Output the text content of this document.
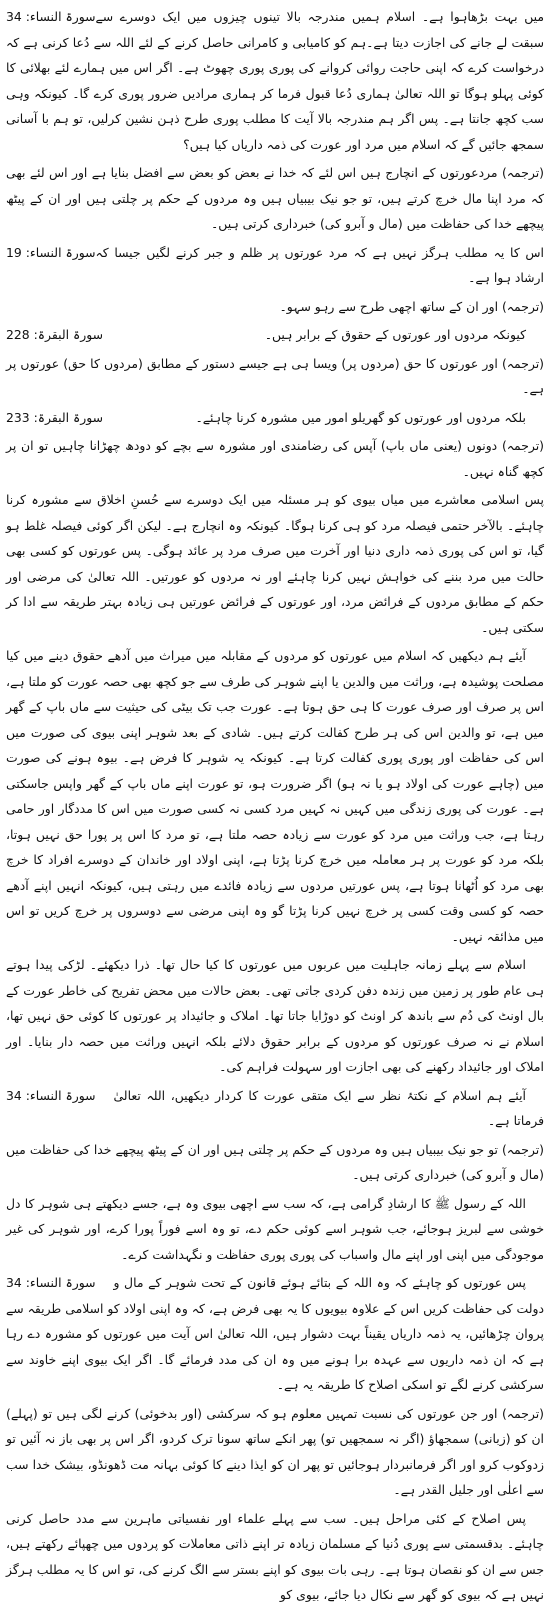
سورۃ النساء: 34 میں بہت بڑھاہوا ہے۔ اسلام ہمیں مندرجہ بالا تینوں چیزوں میں ایک دوسرے سے سبقت لے جانے کی اجازت دیتا ہے۔ہم کو کامیابی و کامرانی حاصل کرنے کے لئے اللہ سے دُعا کرنی ہے کہ درخواست کرے کہ اپنی حاجت روائی کروانے کی پوری پوری چھوٹ ہے۔ اگر اس میں ہمارے لئے بھلائی کا کوئی پہلو ہوگا تو اللہ تعالیٰ ہماری دُعا قبول فرما کر ہماری مرادیں ضرور پوری کرے گا۔ کیونکہ وہی سب کچھ جانتا ہے۔ پس اگر ہم مندرجہ بالا آیت کا مطلب پوری طرح ذہن نشین کرلیں، تو ہم با آسانی سمجھ جائیں گے کہ اسلام میں مرد اور عورت کی ذمہ داریاں کیا ہیں؟

(ترجمہ) مردعورتوں کے انچارج ہیں اس لئے کہ خدا نے بعض کو بعض سے افضل بنایا ہے اور اس لئے بھی کہ مرد اپنا مال خرچ کرتے ہیں، تو جو نیک بیبیاں ہیں وہ مردوں کے حکم پر چلتی ہیں اور ان کے پیٹھ پیچھے خدا کی حفاظت میں (مال و آبرو کی) خبرداری کرتی ہیں۔

سورۃ النساء: 19 اس کا یہ مطلب ہرگز نہیں ہے کہ مرد عورتوں پر ظلم و جبر کرنے لگیں جیسا کہ ارشاد ہوا ہے۔

(ترجمہ) اور ان کے ساتھ اچھی طرح سے رہو سہو۔

سورۃ البقرۃ: 228	کیونکہ مردوں اور عورتوں کے حقوق کے برابر ہیں۔

(ترجمہ) اور عورتوں کا حق (مردوں پر) ویسا ہی ہے جیسے دستور کے مطابق (مردوں کا حق) عورتوں پر ہے۔

سورۃ البقرۃ: 233	بلکہ مردوں اور عورتوں کو گھریلو امور میں مشورہ کرنا چاہئے۔

(ترجمہ) دونوں (یعنی ماں باپ) آپس کی رضامندی اور مشورہ سے بچے کو دودھ چھڑانا چاہیں تو ان پر کچھ گناہ نہیں۔

پس اسلامی معاشرے میں میاں بیوی کو ہر مسئلہ میں ایک دوسرے سے حُسنِ اخلاق سے مشورہ کرنا چاہئے۔ بالآخر حتمی فیصلہ مرد کو ہی کرنا ہوگا۔ کیونکہ وہ انچارج ہے۔ لیکن اگر کوئی فیصلہ غلط ہو گیا، تو اس کی پوری ذمہ داری دنیا اور آخرت میں صرف مرد پر عائد ہوگی۔ پس عورتوں کو کسی بھی حالت میں مرد بننے کی خواہش نہیں کرنا چاہئے اور نہ مردوں کو عورتیں۔ اللہ تعالیٰ کی مرضی اور حکم کے مطابق مردوں کے فرائض مرد، اور عورتوں کے فرائض عورتیں ہی زیادہ بہتر طریقہ سے ادا کر سکتی ہیں۔

آیئے ہم دیکھیں کہ اسلام میں عورتوں کو مردوں کے مقابلہ میں میراث میں آدھے حقوق دینے میں کیا مصلحت پوشیدہ ہے، وراثت میں والدین یا اپنے شوہر کی طرف سے جو کچھ بھی حصہ عورت کو ملتا ہے، اس پر صرف اور صرف عورت کا ہی حق ہوتا ہے۔ عورت جب تک بیٹی کی حیثیت سے ماں باپ کے گھر میں ہے، تو والدین اس کی ہر طرح کفالت کرتے ہیں۔ شادی کے بعد شوہر اپنی بیوی کی صورت میں اس کی حفاظت اور پوری پوری کفالت کرتا ہے۔ کیونکہ یہ شوہر کا فرض ہے۔ بیوہ ہونے کی صورت میں (چاہے عورت کی اولاد ہو یا نہ ہو) اگر ضرورت ہو، تو عورت اپنے ماں باپ کے گھر واپس جاسکتی ہے۔ عورت کی پوری زندگی میں کہیں نہ کہیں مرد کسی نہ کسی صورت میں اس کا مددگار اور حامی رہتا ہے، جب وراثت میں مرد کو عورت سے زیادہ حصہ ملتا ہے، تو مرد کا اس پر پورا حق نہیں ہوتا، بلکہ مرد کو عورت پر ہر معاملہ میں خرچ کرنا پڑتا ہے، اپنی اولاد اور خاندان کے دوسرے افراد کا خرچ بھی مرد کو اُٹھانا ہوتا ہے، پس عورتیں مردوں سے زیادہ فائدے میں رہتی ہیں، کیونکہ انہیں اپنے آدھے حصہ کو کسی وقت کسی پر خرچ نہیں کرنا پڑتا گو وہ اپنی مرضی سے دوسروں پر خرچ کریں تو اس میں مذائقہ نہیں۔

اسلام سے پہلے زمانہ جاہلیت میں عربوں میں عورتوں کا کیا حال تھا۔ ذرا دیکھئے۔ لڑکی پیدا ہوتے ہی عام طور پر زمین میں زندہ دفن کردی جاتی تھی۔ بعض حالات میں محض تفریح کی خاطر عورت کے بال اونٹ کی دُم سے باندھ کر اونٹ کو دوڑایا جاتا تھا۔ املاک و جائیداد پر عورتوں کا کوئی حق نہیں تھا، اسلام نے نہ صرف عورتوں کو مردوں کے برابر حقوق دلائے بلکہ انہیں وراثت میں حصہ دار بنایا۔ اور املاک اور جائیداد رکھنے کی بھی اجازت اور سہولت فراہم کی۔

سورۃ النساء: 34	آیئے ہم اسلام کے نکتۂ نظر سے ایک متقی عورت کا کردار دیکھیں، اللہ تعالیٰ فرماتا ہے۔

(ترجمہ) تو جو نیک بیبیاں ہیں وہ مردوں کے حکم پر چلتی ہیں اور ان کے پیٹھ پیچھے خدا کی حفاظت میں (مال و آبرو کی) خبرداری کرتی ہیں۔

اللہ کے رسول ﷺ کا ارشادِ گرامی ہے، کہ سب سے اچھی بیوی وہ ہے، جسے دیکھتے ہی شوہر کا دل خوشی سے لبریز ہوجائے، جب شوہر اسے کوئی حکم دے، تو وہ اسے فوراً پورا کرے، اور شوہر کی غیر موجودگی میں اپنی اور اپنے مال واسباب کی پوری پوری حفاظت و نگہداشت کرے۔

سورۃ النساء: 34	پس عورتوں کو چاہئے کہ وہ اللہ کے بتائے ہوئے قانون کے تحت شوہر کے مال و دولت کی حفاظت کریں اس کے علاوہ بیویوں کا یہ بھی فرض ہے، کہ وہ اپنی اولاد کو اسلامی طریقہ سے پروان چڑھائیں، یہ ذمہ داریاں یقیناً بہت دشوار ہیں، اللہ تعالیٰ اس آیت میں عورتوں کو مشورہ دے رہا ہے کہ ان ذمہ داریوں سے عہدہ برا ہونے میں وہ ان کی مدد فرمائے گا۔ اگر ایک بیوی اپنے خاوند سے سرکشی کرنے لگے تو اسکی اصلاح کا طریقہ یہ ہے۔

(ترجمہ) اور جن عورتوں کی نسبت تمہیں معلوم ہو کہ سرکشی (اور بدخوئی) کرنے لگی ہیں تو (پہلے) ان کو (زبانی) سمجھاؤ (اگر نہ سمجھیں تو) پھر انکے ساتھ سونا ترک کردو، اگر اس پر بھی باز نہ آئیں تو زدوکوب کرو اور اگر فرمانبردار ہوجائیں تو پھر ان کو ایذا دینے کا کوئی بہانہ مت ڈھونڈو، بیشک خدا سب سے اعلٰی اور جلیل القدر ہے۔

پس اصلاح کے کئی مراحل ہیں۔ سب سے پہلے علماء اور نفسیاتی ماہرین سے مدد حاصل کرنی چاہئے۔ بدقسمتی سے پوری دُنیا کے مسلمان زیادہ تر اپنے ذاتی معاملات کو پردوں میں چھپائے رکھتے ہیں، جس سے ان کو نقصان ہوتا ہے۔ رہی بات بیوی کو اپنے بستر سے الگ کرنے کی، تو اس کا یہ مطلب ہرگز نہیں ہے کہ بیوی کو گھر سے نکال دیا جائے، بیوی کو
